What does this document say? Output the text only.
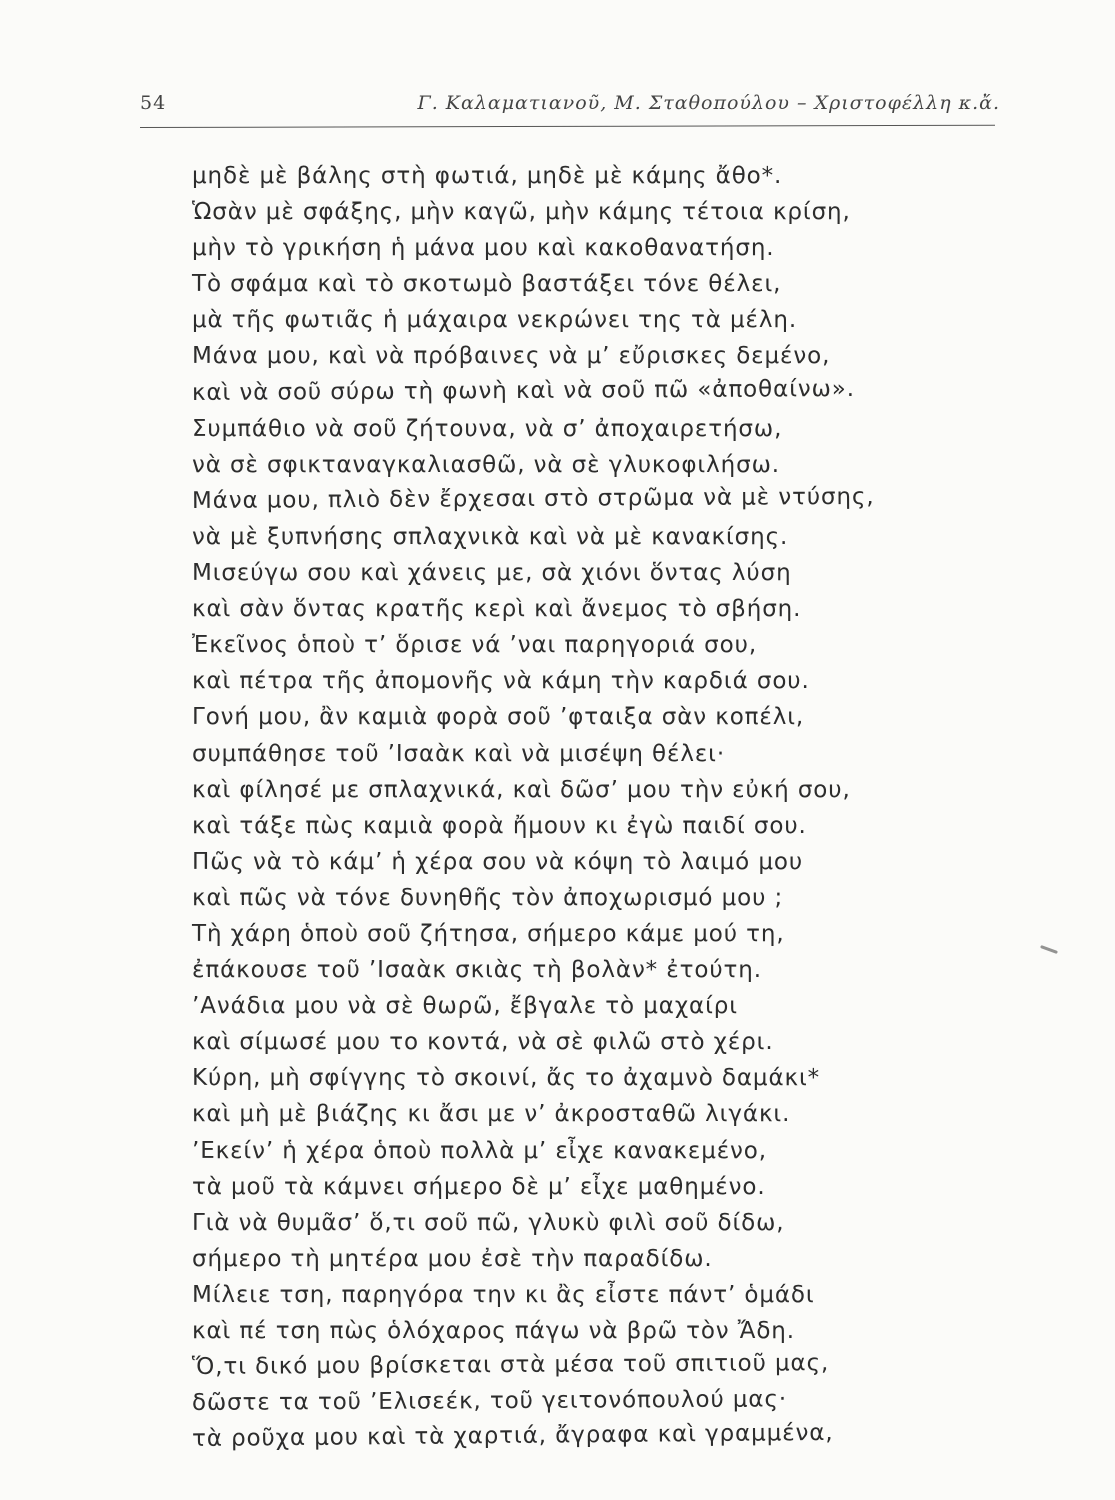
54	Γ. Καλαματιανοῦ, Μ. Σταθοπούλου – Χριστοφέλλη κ.ἄ.
μηδὲ μὲ βάλης στὴ φωτιά, μηδὲ μὲ κάμης ἄθο*.
Ὡσὰν μὲ σφάξης, μὴν καγῶ, μὴν κάμης τέτοια κρίση,
μὴν τὸ γρικήση ἡ μάνα μου καὶ κακοθανατήση.
Τὸ σφάμα καὶ τὸ σκοτωμὸ βαστάξει τόνε θέλει,
μὰ τῆς φωτιᾶς ἡ μάχαιρα νεκρώνει της τὰ μέλη.
Μάνα μου, καὶ νὰ πρόβαινες νὰ μ’ εὔρισκες δεμένο,
καὶ νὰ σοῦ σύρω τὴ φωνὴ καὶ νὰ σοῦ πῶ «ἀποθαίνω».
Συμπάθιο νὰ σοῦ ζήτουνα, νὰ σ’ ἀποχαιρετήσω,
νὰ σὲ σφικταναγκαλιασθῶ, νὰ σὲ γλυκοφιλήσω.
Μάνα μου, πλιὸ δὲν ἔρχεσαι στὸ στρῶμα νὰ μὲ ντύσης,
νὰ μὲ ξυπνήσης σπλαχνικὰ καὶ νὰ μὲ κανακίσης.
Μισεύγω σου καὶ χάνεις με, σὰ χιόνι ὅντας λύση
καὶ σὰν ὅντας κρατῆς κερὶ καὶ ἄνεμος τὸ σβήση.
Ἐκεῖνος ὁποὺ τ’ ὅρισε νά ’ναι παρηγοριά σου,
καὶ πέτρα τῆς ἀπομονῆς νὰ κάμη τὴν καρδιά σου.
Γονή μου, ἂν καμιὰ φορὰ σοῦ ’φταιξα σὰν κοπέλι,
συμπάθησε τοῦ ’Ισαὰκ καὶ νὰ μισέψη θέλει·
καὶ φίλησέ με σπλαχνικά, καὶ δῶσ’ μου τὴν εὐκή σου,
καὶ τάξε πὼς καμιὰ φορὰ ἤμουν κι ἐγὼ παιδί σου.
Πῶς νὰ τὸ κάμ’ ἡ χέρα σου νὰ κόψη τὸ λαιμό μου
καὶ πῶς νὰ τόνε δυνηθῆς τὸν ἀποχωρισμό μου ;
Τὴ χάρη ὁποὺ σοῦ ζήτησα, σήμερο κάμε μού τη,
ἐπάκουσε τοῦ ’Ισαὰκ σκιὰς τὴ βολὰν* ἐτούτη.
’Ανάδια μου νὰ σὲ θωρῶ, ἔβγαλε τὸ μαχαίρι
καὶ σίμωσέ μου το κοντά, νὰ σὲ φιλῶ στὸ χέρι.
Κύρη, μὴ σφίγγης τὸ σκοινί, ἄς το ἀχαμνὸ δαμάκι*
καὶ μὴ μὲ βιάζης κι ἄσι με ν’ ἀκροσταθῶ λιγάκι.
’Εκείν’ ἡ χέρα ὁποὺ πολλὰ μ’ εἶχε κανακεμένο,
τὰ μοῦ τὰ κάμνει σήμερο δὲ μ’ εἶχε μαθημένο.
Γιὰ νὰ θυμᾶσ’ ὅ,τι σοῦ πῶ, γλυκὺ φιλὶ σοῦ δίδω,
σήμερο τὴ μητέρα μου ἐσὲ τὴν παραδίδω.
Μίλειε τση, παρηγόρα την κι ἂς εἶστε πάντ’ ὁμάδι
καὶ πέ τση πὼς ὁλόχαρος πάγω νὰ βρῶ τὸν Ἄδη.
Ὅ,τι δικό μου βρίσκεται στὰ μέσα τοῦ σπιτιοῦ μας,
δῶστε τα τοῦ ’Ελισεέκ, τοῦ γειτονόπουλού μας·
τὰ ροῦχα μου καὶ τὰ χαρτιά, ἄγραφα καὶ γραμμένα,
